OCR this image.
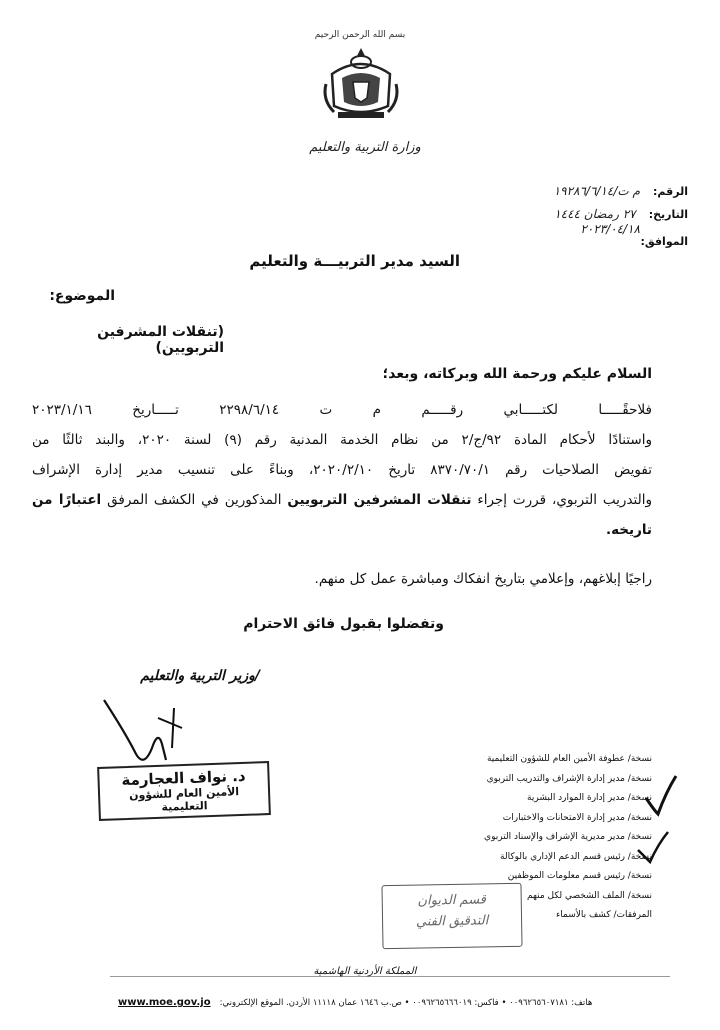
بسم الله الرحمن الرحيم
وزارة التربية والتعليم
الرقم: م ت/١٩٢٨٦/٦/١٤
التاريخ: ٢٧ رمضان ١٤٤٤
٢٠٢٣/٠٤/١٨
الموافق:
السيد مدير التربيـــة والتعليم
الموضوع:
(تنقلات المشرفين التربويين)
السلام عليكم ورحمة الله وبركاته، وبعد؛
فلاحقًـــــا لكتـــــابي رقـــــم م ت ٢٢٩٨/٦/١٤ تـــــاريخ ٢٠٢٣/١/١٦
واستنادًا لأحكام المادة ٩٢/ج/٢ من نظام الخدمة المدنية رقم (٩) لسنة ٢٠٢٠، والبند ثالثًا من
تفويض الصلاحيات رقم ٨٣٧٠/٧٠/١ تاريخ ٢٠٢٠/٢/١٠، وبناءً على تنسيب مدير إدارة الإشراف
والتدريب التربوي، قررت إجراء تنقلات المشرفين التربويين المذكورين في الكشف المرفق اعتبارًا من
تاريخه.
راجيًا إبلاغهم، وإعلامي بتاريخ انفكاك ومباشرة عمل كل منهم.
وتفضلوا بقبول فائق الاحترام
/وزير التربية والتعليم
د. نواف العجارمة
الأمين العام للشؤون التعليمية
نسخة/ عطوفة الأمين العام للشؤون التعليمية
نسخة/ مدير إدارة الإشراف والتدريب التربوي
نسخة/ مدير إدارة الموارد البشرية
نسخة/ مدير إدارة الامتحانات والاختبارات
نسخة/ مدير مديرية الإشراف والإسناد التربوي
نسخة/ رئيس قسم الدعم الإداري بالوكالة
نسخة/ رئيس قسم معلومات الموظفين
نسخة/ الملف الشخصي لكل منهم
المرفقات/ كشف بالأسماء
قسم الديوان
التدقيق الفني
المملكة الأردنية الهاشمية
www.moe.gov.jo هاتف: ٠٠٩٦٢٦٥٦٠٧١٨١ • فاكس: ٠٠٩٦٢٦٥٦٦٦٠١٩ • ص.ب ١٦٤٦ عمان ١١١١٨ الأردن. الموقع الإلكتروني:
